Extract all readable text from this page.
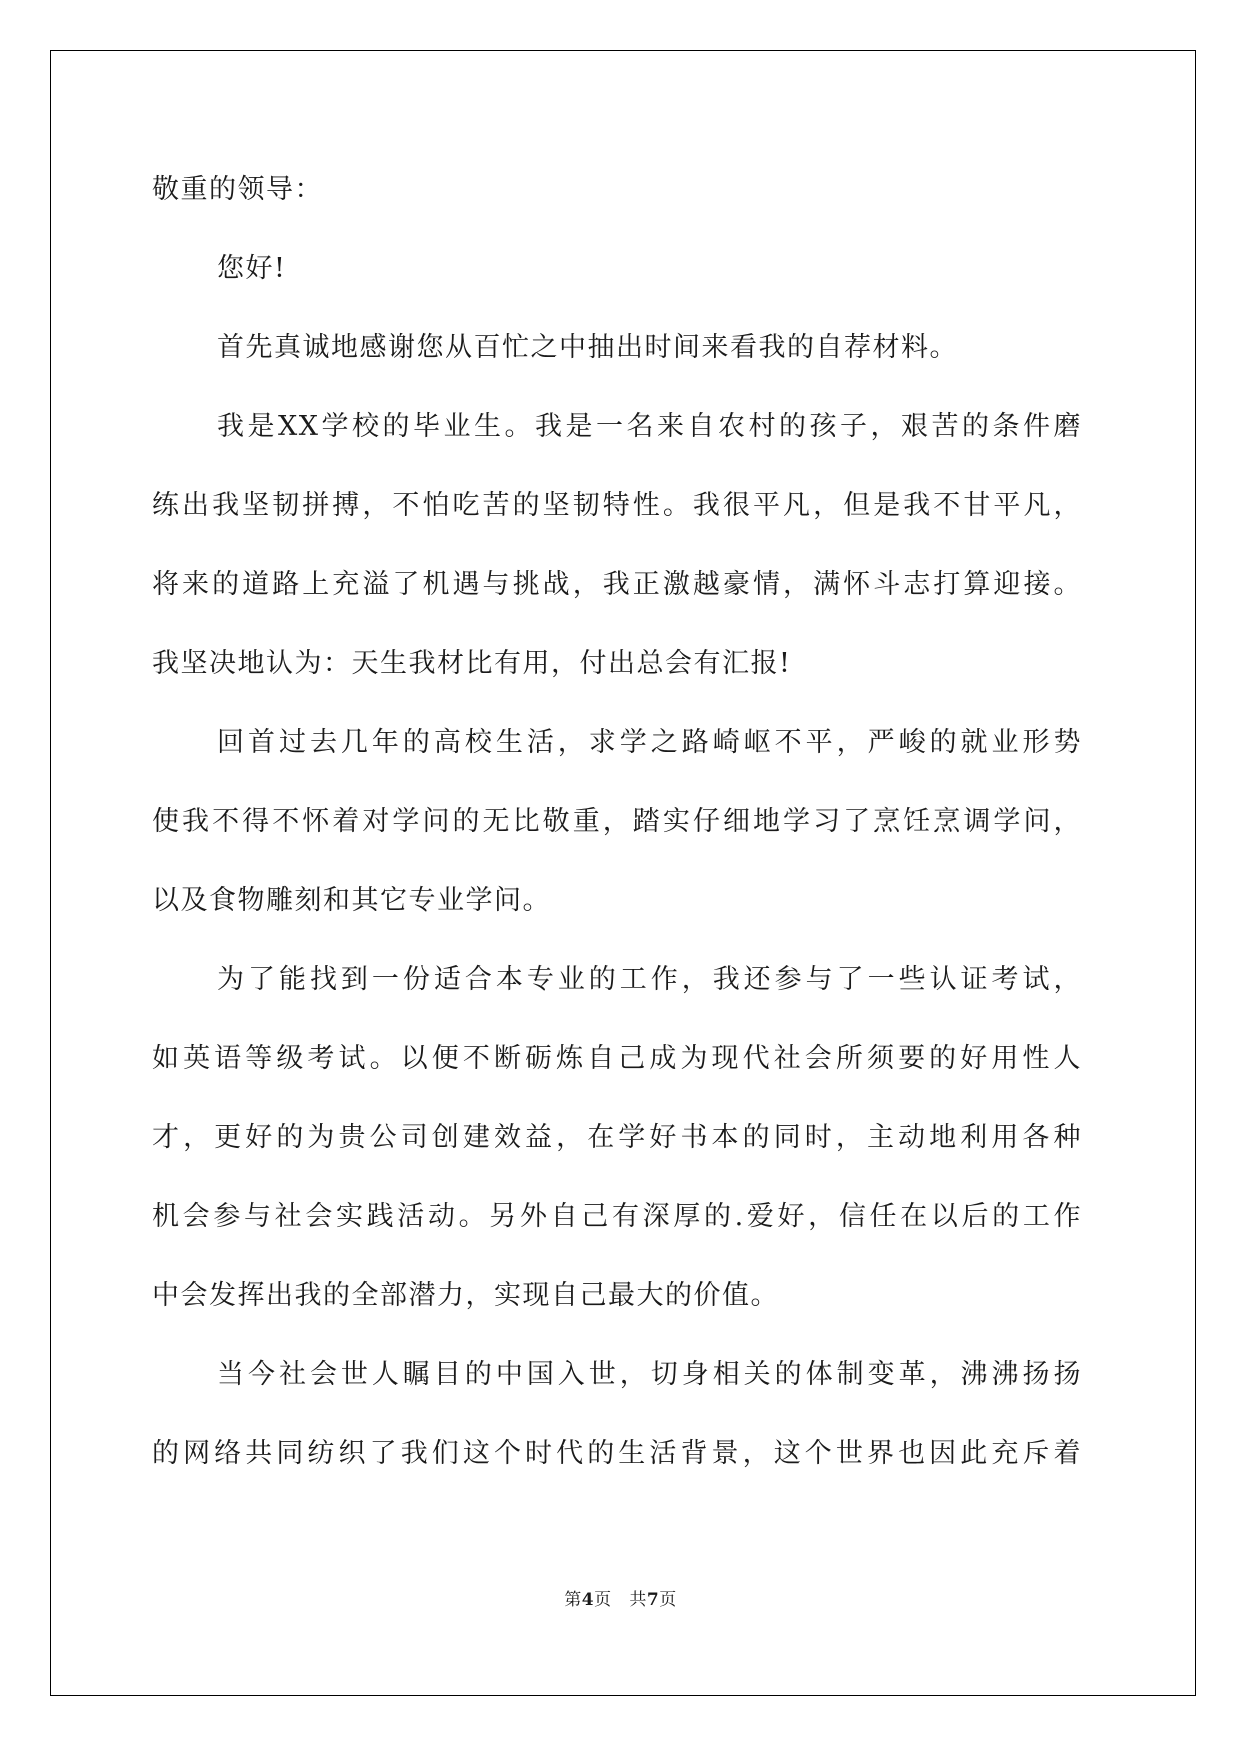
敬重的领导：
您好!
首先真诚地感谢您从百忙之中抽出时间来看我的自荐材料。
我是XX学校的毕业生。我是一名来自农村的孩子，艰苦的条件磨
练出我坚韧拼搏，不怕吃苦的坚韧特性。我很平凡，但是我不甘平凡，
将来的道路上充溢了机遇与挑战，我正激越豪情，满怀斗志打算迎接。
我坚决地认为：天生我材比有用，付出总会有汇报!
回首过去几年的高校生活，求学之路崎岖不平，严峻的就业形势
使我不得不怀着对学问的无比敬重，踏实仔细地学习了烹饪烹调学问，
以及食物雕刻和其它专业学问。
为了能找到一份适合本专业的工作，我还参与了一些认证考试，
如英语等级考试。以便不断砺炼自己成为现代社会所须要的好用性人
才，更好的为贵公司创建效益，在学好书本的同时，主动地利用各种
机会参与社会实践活动。另外自己有深厚的.爱好，信任在以后的工作
中会发挥出我的全部潜力，实现自己最大的价值。
当今社会世人瞩目的中国入世，切身相关的体制变革，沸沸扬扬
的网络共同纺织了我们这个时代的生活背景，这个世界也因此充斥着
第4页 共7页
